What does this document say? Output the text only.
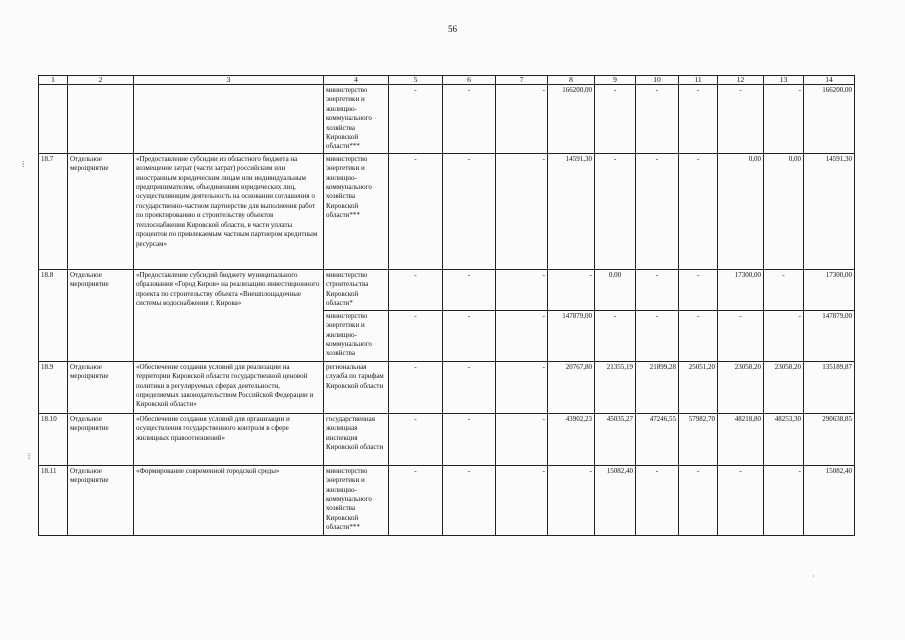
56
1	2	3	4	5	6	7	8	9	10	11	12	13	14
			министерство энергетики и жилищно-коммунального хозяйства Кировской области***	-	-	-	166200,00	-	-	-	-	-	166200,00
18.7	Отдельное мероприятие	«Предоставление субсидии из областного бюджета на возмещение затрат (части затрат) российским или иностранным юридическим лицам или индивидуальным предпринимателям, объединениям юридических лиц, осуществляющим деятельность на основании соглашения о государственно-частном партнерстве для выполнения работ по проектированию и строительству объектов теплоснабжения Кировской области, в части уплаты процентов по привлекаемым частным партнером кредитным ресурсам»	министерство энергетики и жилищно-коммунального хозяйства Кировской области***	-	-	-	14591,30	-	-	-	0,00	0,00	14591,30
18.8	Отдельное мероприятие	«Предоставление субсидий бюджету муниципального образования «Город Киров» на реализацию инвестиционного проекта по строительству объекта «Внешплощадочные системы водоснабжения г. Кирова»	министерство строительства Кировской области*	-	-	-	-	0,00	-	-	17300,00	-	17300,00
			министерство энергетики и жилищно-коммунального хозяйства	-	-	-	147879,00	-	-	-	-	-	147879,00
18.9	Отдельное мероприятие	«Обеспечение создания условий для реализации на территории Кировской области государственной ценовой политики в регулируемых сферах деятельности, определяемых законодательством Российской Федерации и Кировской области»	региональная служба по тарифам Кировской области	-	-	-	20767,80	21355,19	21899,28	25051,20	23058,20	23058,20	135189,87
18.10	Отдельное мероприятие	«Обеспечение создания условий для организации и осуществления государственного контроля в сфере жилищных правоотношений»	государственная жилищная инспекция Кировской области	-	-	-	43902,23	45035,27	47246,55	57982,70	48218,80	48253,30	290638,85
18.11	Отдельное мероприятие	«Формирование современной городской среды»	министерство энергетики и жилищно-коммунального хозяйства Кировской области***	-	-	-	-	15082,40	-	-	-	-	15082,40
⁞
⁞
·
